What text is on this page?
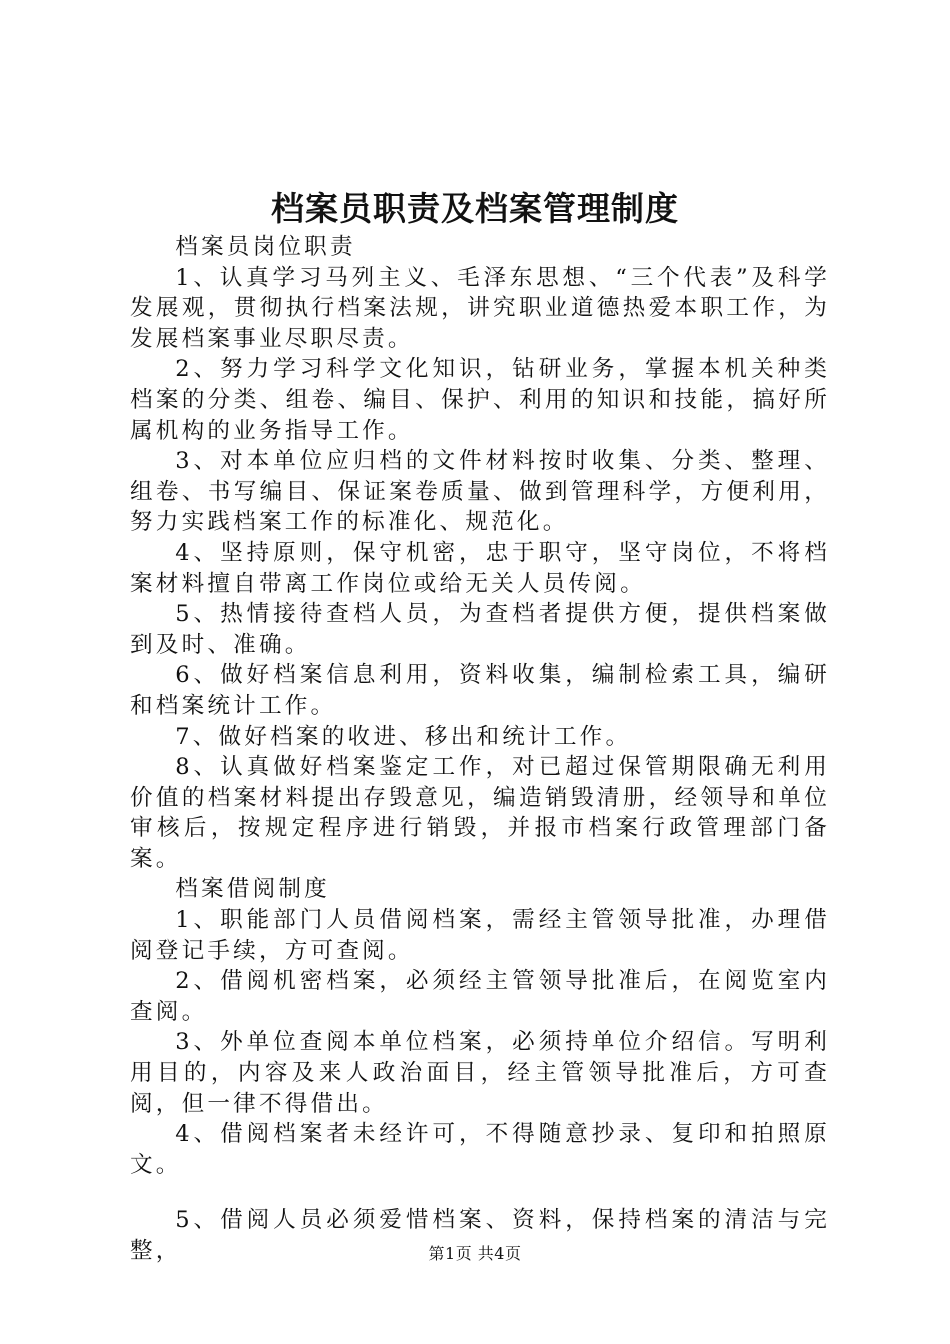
档案员职责及档案管理制度

档案员岗位职责

1、认真学习马列主义、毛泽东思想、“三个代表”及科学发展观，贯彻执行档案法规，讲究职业道德热爱本职工作，为发展档案事业尽职尽责。

2、努力学习科学文化知识，钻研业务，掌握本机关种类档案的分类、组卷、编目、保护、利用的知识和技能，搞好所属机构的业务指导工作。

3、对本单位应归档的文件材料按时收集、分类、整理、组卷、书写编目、保证案卷质量、做到管理科学，方便利用，努力实践档案工作的标准化、规范化。

4、坚持原则，保守机密，忠于职守，坚守岗位，不将档案材料擅自带离工作岗位或给无关人员传阅。

5、热情接待查档人员，为查档者提供方便，提供档案做到及时、准确。

6、做好档案信息利用，资料收集，编制检索工具，编研和档案统计工作。

7、做好档案的收进、移出和统计工作。

8、认真做好档案鉴定工作，对已超过保管期限确无利用价值的档案材料提出存毁意见，编造销毁清册，经领导和单位审核后，按规定程序进行销毁，并报市档案行政管理部门备案。

档案借阅制度

1、职能部门人员借阅档案，需经主管领导批准，办理借阅登记手续，方可查阅。

2、借阅机密档案，必须经主管领导批准后，在阅览室内查阅。

3、外单位查阅本单位档案，必须持单位介绍信。写明利用目的，内容及来人政治面目，经主管领导批准后，方可查阅，但一律不得借出。

4、借阅档案者未经许可，不得随意抄录、复印和拍照原文。

5、借阅人员必须爱惜档案、资料，保持档案的清洁与完整，	第1页 共4页
